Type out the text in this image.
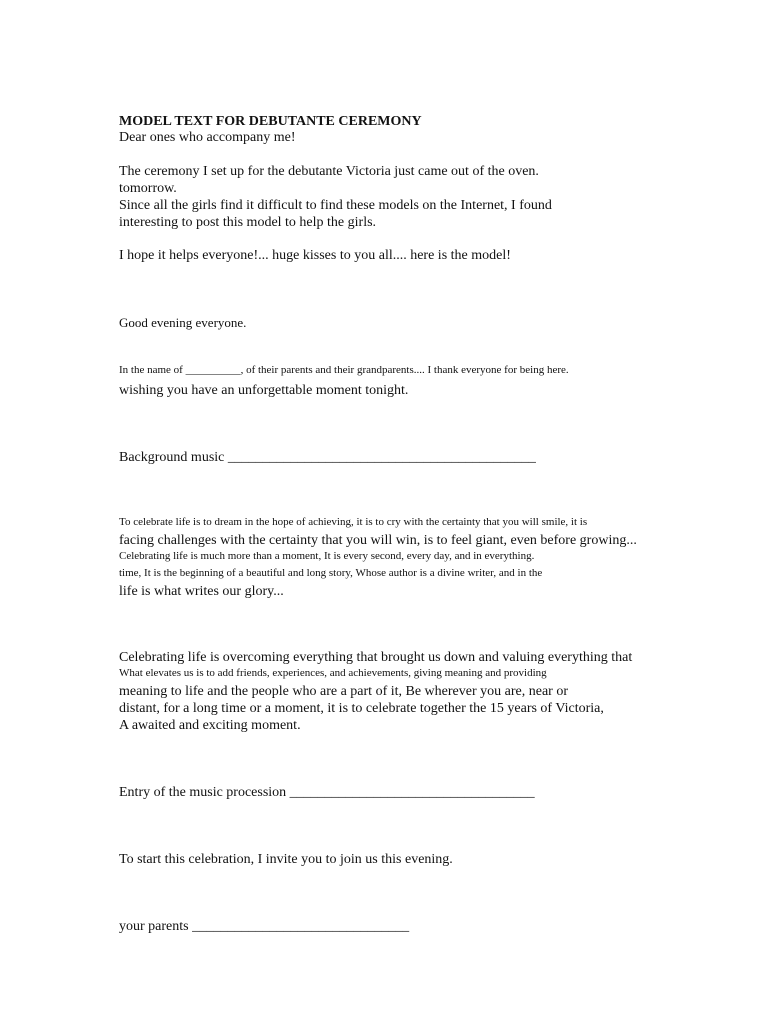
MODEL TEXT FOR DEBUTANTE CEREMONY
Dear ones who accompany me!
The ceremony I set up for the debutante Victoria just came out of the oven.
tomorrow.
Since all the girls find it difficult to find these models on the Internet, I found
interesting to post this model to help the girls.
I hope it helps everyone!... huge kisses to you all.... here is the model!
Good evening everyone.
In the name of __________, of their parents and their grandparents.... I thank everyone for being here.
wishing you have an unforgettable moment tonight.
Background music ____________________________________________
To celebrate life is to dream in the hope of achieving, it is to cry with the certainty that you will smile, it is
facing challenges with the certainty that you will win, is to feel giant, even before growing...
Celebrating life is much more than a moment, It is every second, every day, and in everything.
time, It is the beginning of a beautiful and long story, Whose author is a divine writer, and in the
life is what writes our glory...
Celebrating life is overcoming everything that brought us down and valuing everything that
What elevates us is to add friends, experiences, and achievements, giving meaning and providing
meaning to life and the people who are a part of it, Be wherever you are, near or
distant, for a long time or a moment, it is to celebrate together the 15 years of Victoria,
A awaited and exciting moment.
Entry of the music procession ___________________________________
To start this celebration, I invite you to join us this evening.
your parents _______________________________
